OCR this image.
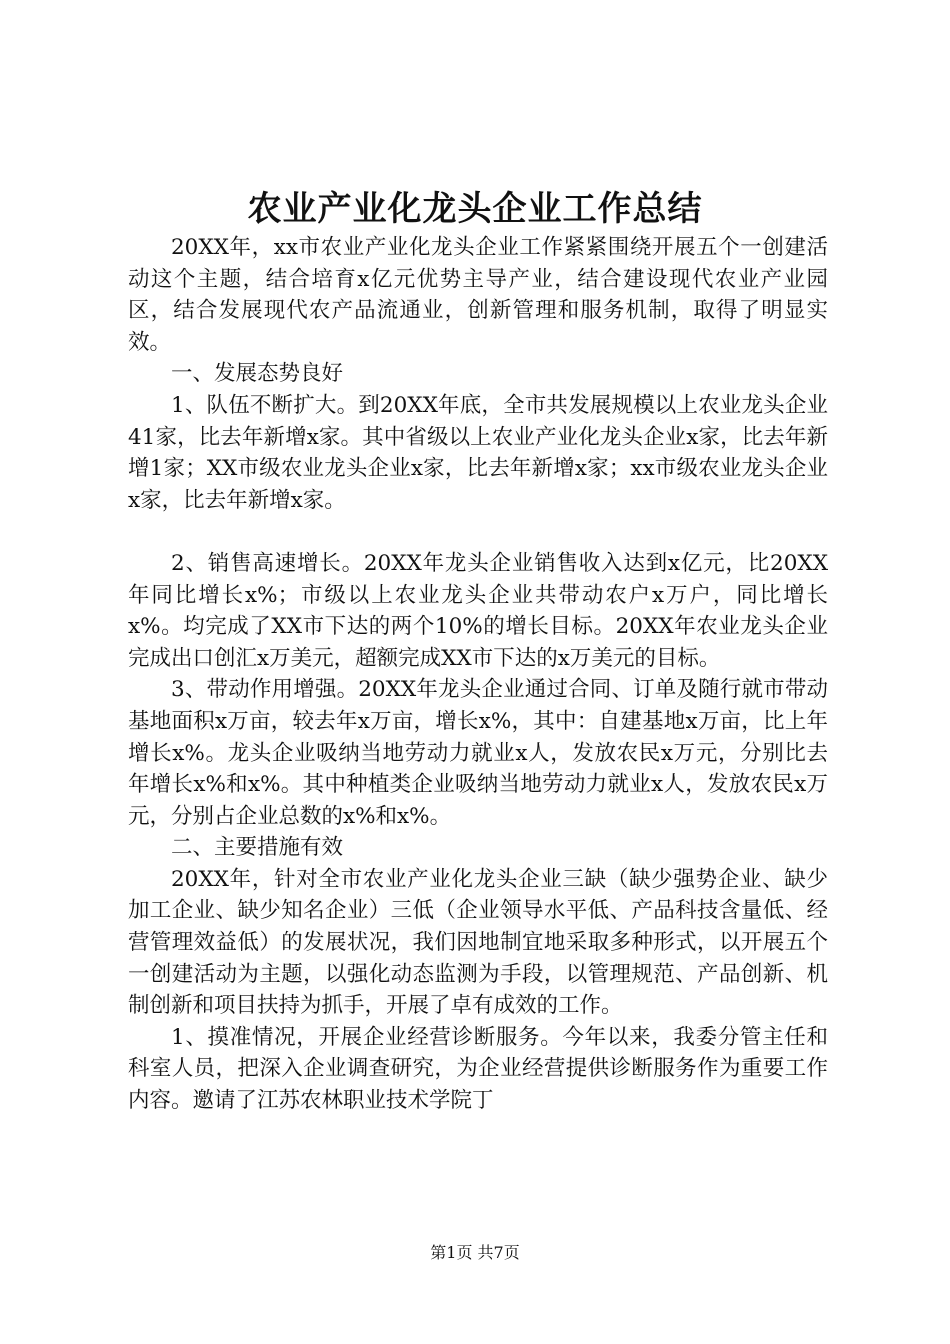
农业产业化龙头企业工作总结

20XX年，xx市农业产业化龙头企业工作紧紧围绕开展五个一创建活动这个主题，结合培育x亿元优势主导产业，结合建设现代农业产业园区，结合发展现代农产品流通业，创新管理和服务机制，取得了明显实效。

一、发展态势良好

1、队伍不断扩大。到20XX年底，全市共发展规模以上农业龙头企业41家，比去年新增x家。其中省级以上农业产业化龙头企业x家，比去年新增1家；XX市级农业龙头企业x家，比去年新增x家；xx市级农业龙头企业x家，比去年新增x家。

2、销售高速增长。20XX年龙头企业销售收入达到x亿元，比20XX年同比增长x%；市级以上农业龙头企业共带动农户x万户，同比增长x%。均完成了XX市下达的两个10%的增长目标。20XX年农业龙头企业完成出口创汇x万美元，超额完成XX市下达的x万美元的目标。

3、带动作用增强。20XX年龙头企业通过合同、订单及随行就市带动基地面积x万亩，较去年x万亩，增长x%，其中：自建基地x万亩，比上年增长x%。龙头企业吸纳当地劳动力就业x人，发放农民x万元，分别比去年增长x%和x%。其中种植类企业吸纳当地劳动力就业x人，发放农民x万元，分别占企业总数的x%和x%。

二、主要措施有效

20XX年，针对全市农业产业化龙头企业三缺（缺少强势企业、缺少加工企业、缺少知名企业）三低（企业领导水平低、产品科技含量低、经营管理效益低）的发展状况，我们因地制宜地采取多种形式，以开展五个一创建活动为主题，以强化动态监测为手段，以管理规范、产品创新、机制创新和项目扶持为抓手，开展了卓有成效的工作。

1、摸准情况，开展企业经营诊断服务。今年以来，我委分管主任和科室人员，把深入企业调查研究，为企业经营提供诊断服务作为重要工作内容。邀请了江苏农林职业技术学院丁

第1页 共7页
